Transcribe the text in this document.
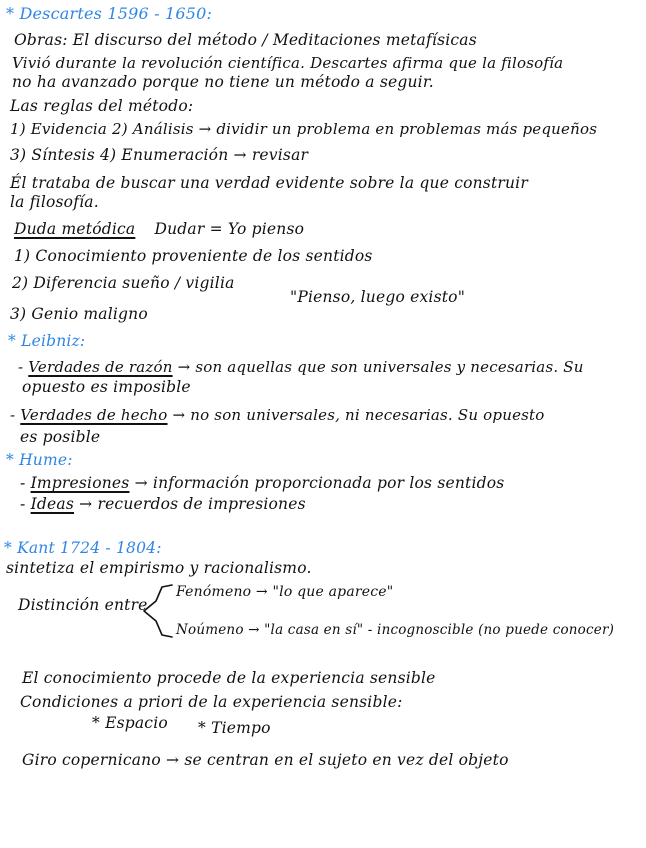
* Descartes 1596 - 1650:
Obras: El discurso del método / Meditaciones metafísicas
Vivió durante la revolución científica. Descartes afirma que la filosofía
no ha avanzado porque no tiene un método a seguir.
Las reglas del método:
1) Evidencia 2) Análisis → dividir un problema en problemas más pequeños
3) Síntesis 4) Enumeración → revisar
Él trataba de buscar una verdad evidente sobre la que construir
la filosofía.
Duda metódica Dudar = Yo pienso
1) Conocimiento proveniente de los sentidos
2) Diferencia sueño / vigilia
"Pienso, luego existo"
3) Genio maligno
* Leibniz:
- Verdades de razón → son aquellas que son universales y necesarias. Su
opuesto es imposible
- Verdades de hecho → no son universales, ni necesarias. Su opuesto
es posible
* Hume:
- Impresiones → información proporcionada por los sentidos
- Ideas → recuerdos de impresiones
* Kant 1724 - 1804:
sintetiza el empirismo y racionalismo.
Distinción entre
Fenómeno → "lo que aparece"
Noúmeno → "la casa en sí" - incognoscible (no puede conocer)
El conocimiento procede de la experiencia sensible
Condiciones a priori de la experiencia sensible:
* Espacio * Tiempo
Giro copernicano → se centran en el sujeto en vez del objeto
